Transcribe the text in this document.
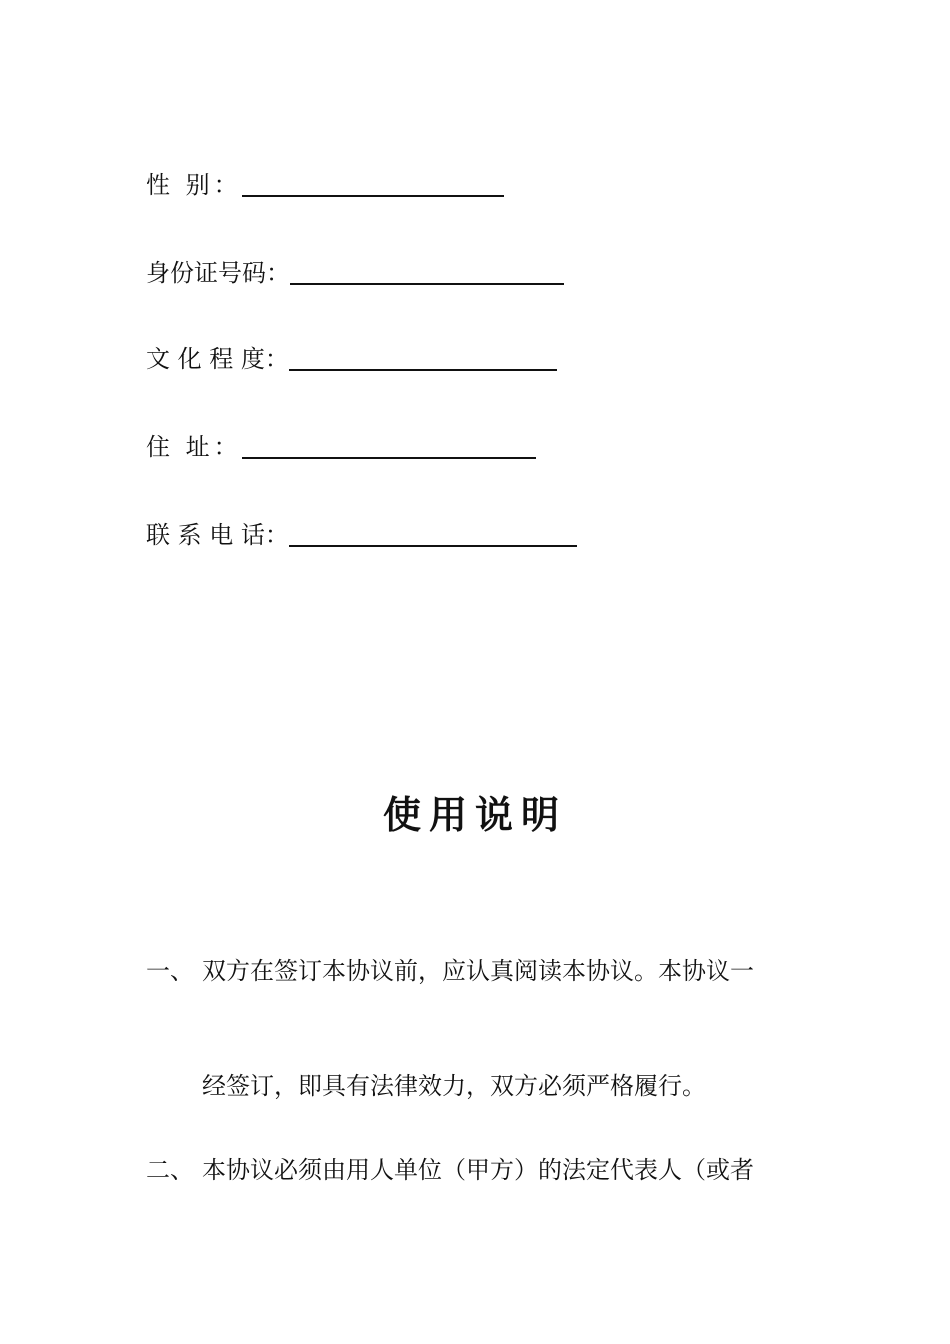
性 别：
身份证号码：
文 化 程 度：
住 址：
联 系 电 话：
使用说明
一、 双方在签订本协议前，应认真阅读本协议。本协议一
经签订，即具有法律效力，双方必须严格履行。
二、 本协议必须由用人单位（甲方）的法定代表人（或者
